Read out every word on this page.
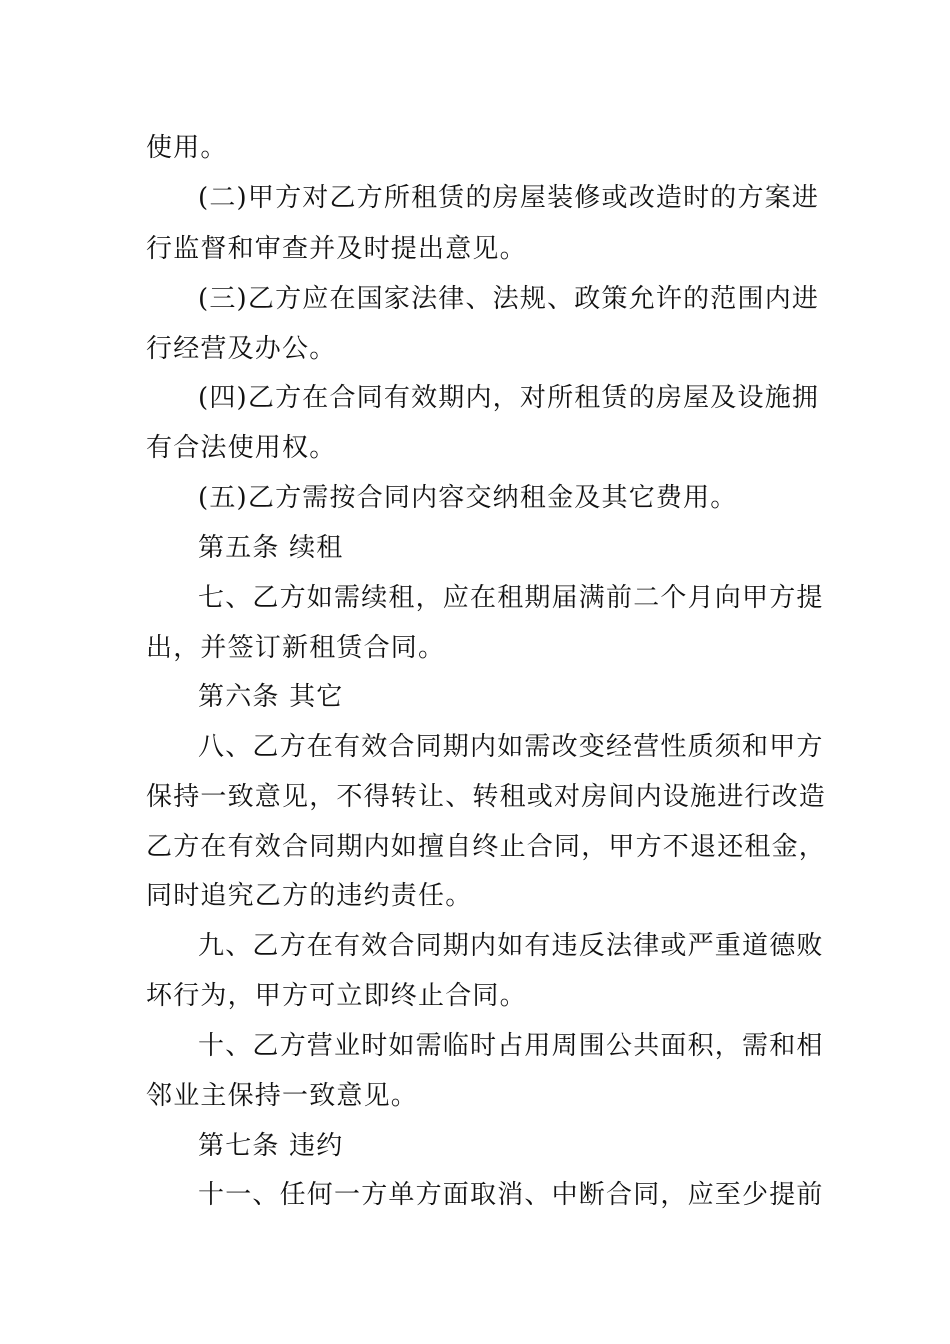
使用。
(二)甲方对乙方所租赁的房屋装修或改造时的方案进
行监督和审查并及时提出意见。
(三)乙方应在国家法律、法规、政策允许的范围内进
行经营及办公。
(四)乙方在合同有效期内，对所租赁的房屋及设施拥
有合法使用权。
(五)乙方需按合同内容交纳租金及其它费用。
第五条 续租
七、乙方如需续租，应在租期届满前二个月向甲方提
出，并签订新租赁合同。
第六条 其它
八、乙方在有效合同期内如需改变经营性质须和甲方
保持一致意见，不得转让、转租或对房间内设施进行改造
乙方在有效合同期内如擅自终止合同，甲方不退还租金，
同时追究乙方的违约责任。
九、乙方在有效合同期内如有违反法律或严重道德败
坏行为，甲方可立即终止合同。
十、乙方营业时如需临时占用周围公共面积，需和相
邻业主保持一致意见。
第七条 违约
十一、任何一方单方面取消、中断合同，应至少提前
